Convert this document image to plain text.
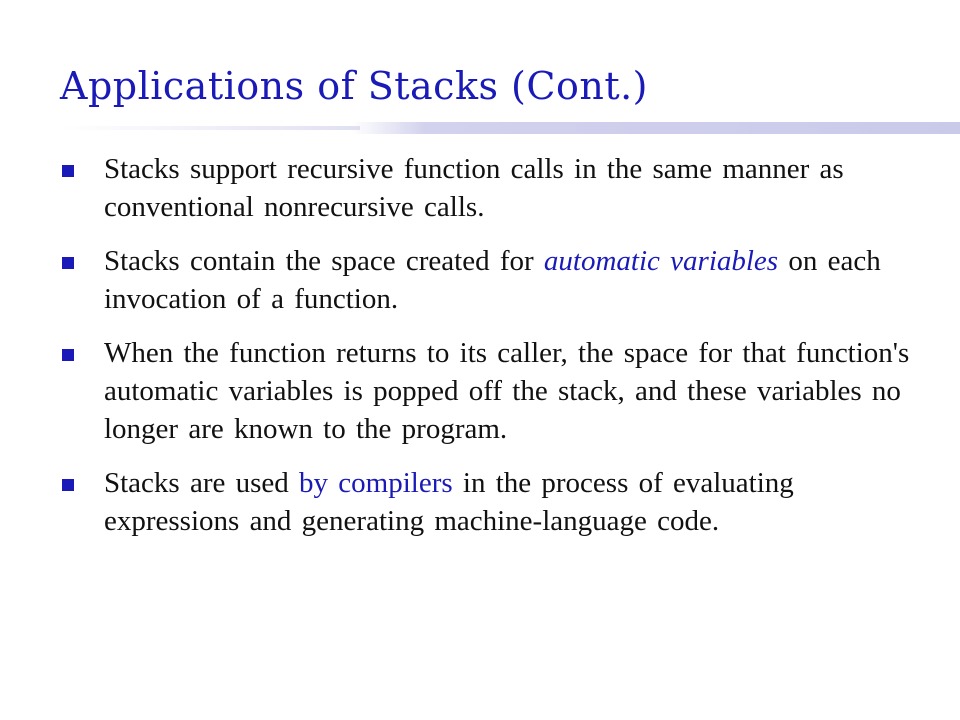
Applications of Stacks (Cont.)
Stacks support recursive function calls in the same manner as conventional nonrecursive calls.
Stacks contain the space created for automatic variables on each invocation of a function.
When the function returns to its caller, the space for that function's automatic variables is popped off the stack, and these variables no longer are known to the program.
Stacks are used by compilers in the process of evaluating expressions and generating machine-language code.
